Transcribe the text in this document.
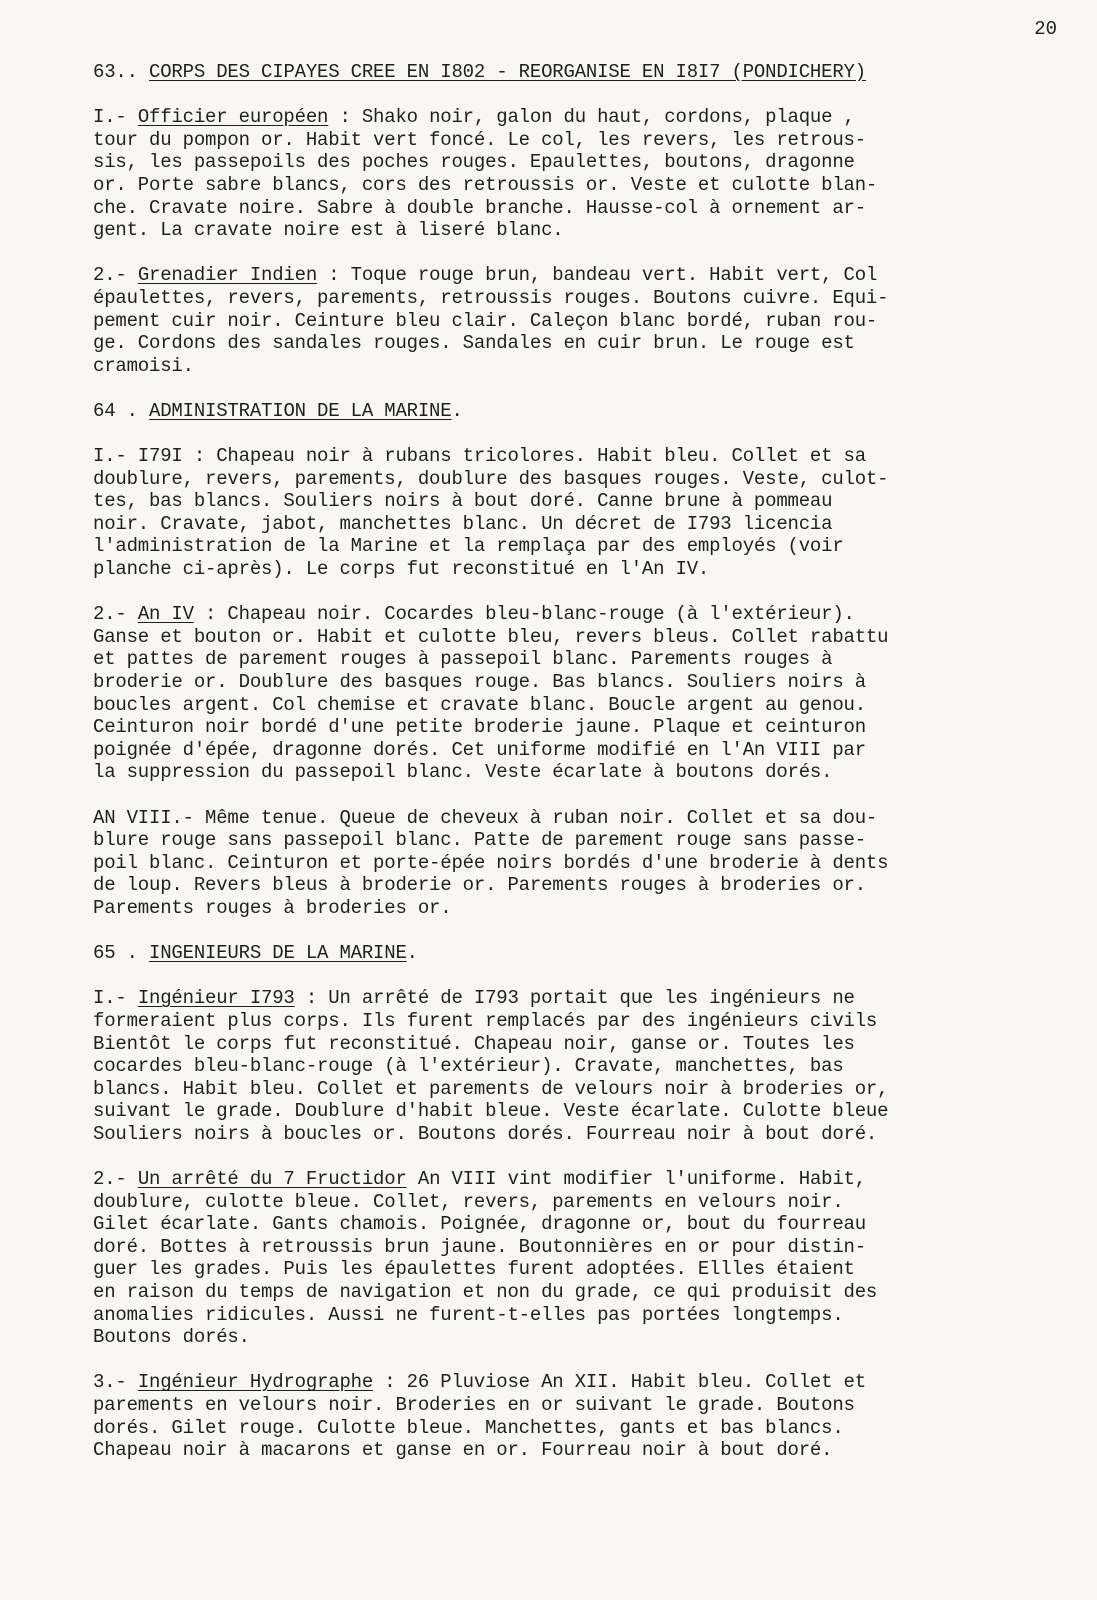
20
63.. CORPS DES CIPAYES CREE EN I802 - REORGANISE EN I8I7 (PONDICHERY)
I.- Officier européen : Shako noir, galon du haut, cordons, plaque ,
tour du pompon or. Habit vert foncé. Le col, les revers, les retrous-
sis, les passepoils des poches rouges. Epaulettes, boutons, dragonne
or. Porte sabre blancs, cors des retroussis or. Veste et culotte blan-
che. Cravate noire. Sabre à double branche. Hausse-col à ornement ar-
gent. La cravate noire est à liseré blanc.
2.- Grenadier Indien : Toque rouge brun, bandeau vert. Habit vert, Col
épaulettes, revers, parements, retroussis rouges. Boutons cuivre. Equi-
pement cuir noir. Ceinture bleu clair. Caleçon blanc bordé, ruban rou-
ge. Cordons des sandales rouges. Sandales en cuir brun. Le rouge est
cramoisi.
64 . ADMINISTRATION DE LA MARINE.
I.- I79I : Chapeau noir à rubans tricolores. Habit bleu. Collet et sa
doublure, revers, parements, doublure des basques rouges. Veste, culot-
tes, bas blancs. Souliers noirs à bout doré. Canne brune à pommeau
noir. Cravate, jabot, manchettes blanc. Un décret de I793 licencia
l'administration de la Marine et la remplaça par des employés (voir
planche ci-après). Le corps fut reconstitué en l'An IV.
2.- An IV : Chapeau noir. Cocardes bleu-blanc-rouge (à l'extérieur).
Ganse et bouton or. Habit et culotte bleu, revers bleus. Collet rabattu
et pattes de parement rouges à passepoil blanc. Parements rouges à
broderie or. Doublure des basques rouge. Bas blancs. Souliers noirs à
boucles argent. Col chemise et cravate blanc. Boucle argent au genou.
Ceinturon noir bordé d'une petite broderie jaune. Plaque et ceinturon
poignée d'épée, dragonne dorés. Cet uniforme modifié en l'An VIII par
la suppression du passepoil blanc. Veste écarlate à boutons dorés.
AN VIII.- Même tenue. Queue de cheveux à ruban noir. Collet et sa dou-
blure rouge sans passepoil blanc. Patte de parement rouge sans passe-
poil blanc. Ceinturon et porte-épée noirs bordés d'une broderie à dents
de loup. Revers bleus à broderie or. Parements rouges à broderies or.
Parements rouges à broderies or.
65 . INGENIEURS DE LA MARINE.
I.- Ingénieur I793 : Un arrêté de I793 portait que les ingénieurs ne
formeraient plus corps. Ils furent remplacés par des ingénieurs civils
Bientôt le corps fut reconstitué. Chapeau noir, ganse or. Toutes les
cocardes bleu-blanc-rouge (à l'extérieur). Cravate, manchettes, bas
blancs. Habit bleu. Collet et parements de velours noir à broderies or,
suivant le grade. Doublure d'habit bleue. Veste écarlate. Culotte bleue
Souliers noirs à boucles or. Boutons dorés. Fourreau noir à bout doré.
2.- Un arrêté du 7 Fructidor An VIII vint modifier l'uniforme. Habit,
doublure, culotte bleue. Collet, revers, parements en velours noir.
Gilet écarlate. Gants chamois. Poignée, dragonne or, bout du fourreau
doré. Bottes à retroussis brun jaune. Boutonnières en or pour distin-
guer les grades. Puis les épaulettes furent adoptées. Ellles étaient
en raison du temps de navigation et non du grade, ce qui produisit des
anomalies ridicules. Aussi ne furent-t-elles pas portées longtemps.
Boutons dorés.
3.- Ingénieur Hydrographe : 26 Pluviose An XII. Habit bleu. Collet et
parements en velours noir. Broderies en or suivant le grade. Boutons
dorés. Gilet rouge. Culotte bleue. Manchettes, gants et bas blancs.
Chapeau noir à macarons et ganse en or. Fourreau noir à bout doré.
